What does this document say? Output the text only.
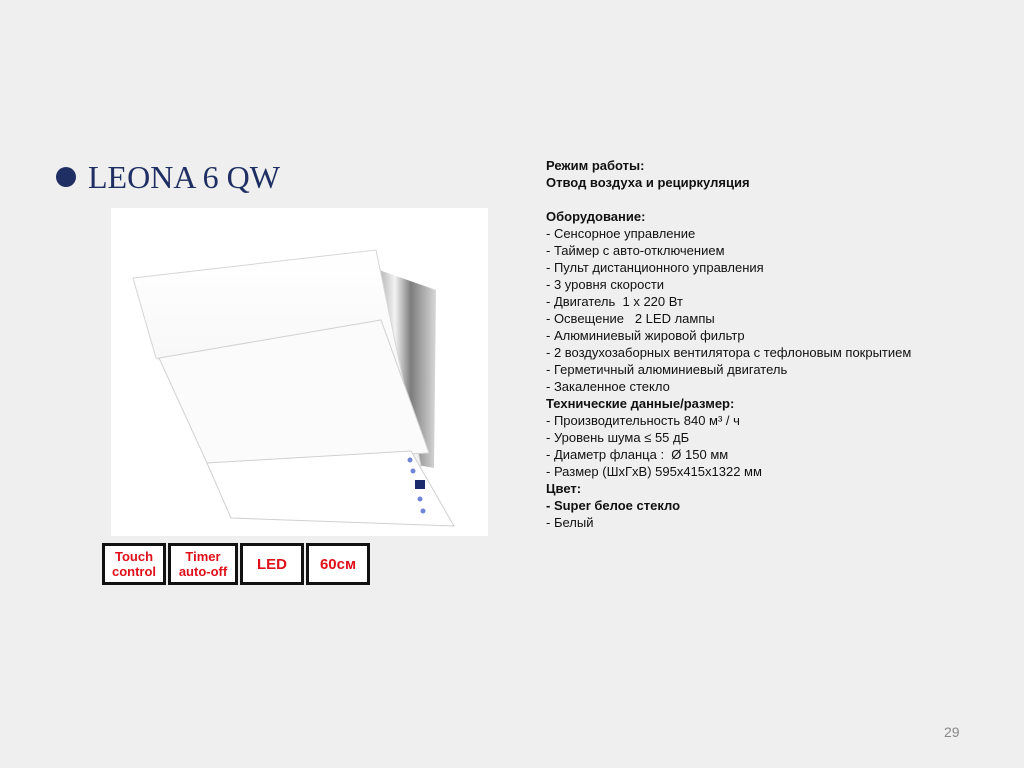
LEONA 6 QW
Touch
control
Timer
auto-off	LED	60см
Режим работы:
Отвод воздуха и рециркуляция
Оборудование:
- Сенсорное управление
- Таймер с авто-отключением
- Пульт дистанционного управления
- 3 уровня скорости
- Двигатель  1 х 220 Вт
- Освещение   2 LED лампы
- Алюминиевый жировой фильтр
- 2 воздухозаборных вентилятора с тефлоновым покрытием
- Герметичный алюминиевый двигатель
- Закаленное стекло
Технические данные/размер:
- Производительность 840 м³ / ч
- Уровень шума ≤ 55 дБ
- Диаметр фланца :  Ø 150 мм
- Размер (ШхГхВ) 595х415х1322 мм
Цвет:
- Super белое стекло
- Белый
29
